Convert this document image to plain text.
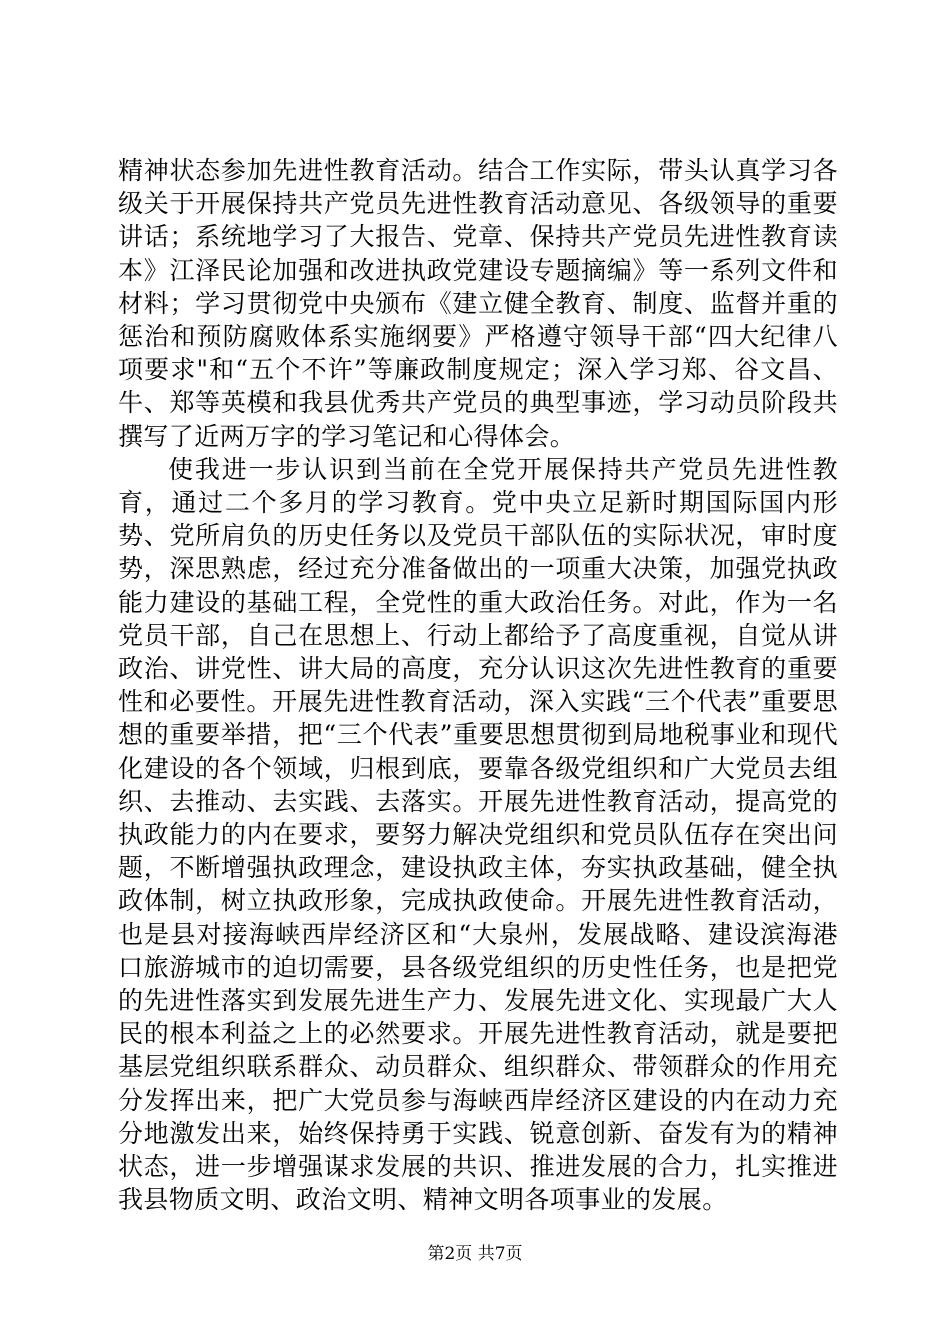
精神状态参加先进性教育活动。结合工作实际，带头认真学习各级关于开展保持共产党员先进性教育活动意见、各级领导的重要讲话；系统地学习了大报告、党章、保持共产党员先进性教育读本》江泽民论加强和改进执政党建设专题摘编》等一系列文件和材料；学习贯彻党中央颁布《建立健全教育、制度、监督并重的惩治和预防腐败体系实施纲要》严格遵守领导干部“四大纪律八项要求"和“五个不许”等廉政制度规定；深入学习郑、谷文昌、牛、郑等英模和我县优秀共产党员的典型事迹，学习动员阶段共撰写了近两万字的学习笔记和心得体会。

使我进一步认识到当前在全党开展保持共产党员先进性教育，通过二个多月的学习教育。党中央立足新时期国际国内形势、党所肩负的历史任务以及党员干部队伍的实际状况，审时度势，深思熟虑，经过充分准备做出的一项重大决策，加强党执政能力建设的基础工程，全党性的重大政治任务。对此，作为一名党员干部，自己在思想上、行动上都给予了高度重视，自觉从讲政治、讲党性、讲大局的高度，充分认识这次先进性教育的重要性和必要性。开展先进性教育活动，深入实践“三个代表”重要思想的重要举措，把“三个代表”重要思想贯彻到局地税事业和现代化建设的各个领域，归根到底，要靠各级党组织和广大党员去组织、去推动、去实践、去落实。开展先进性教育活动，提高党的执政能力的内在要求，要努力解决党组织和党员队伍存在突出问题，不断增强执政理念，建设执政主体，夯实执政基础，健全执政体制，树立执政形象，完成执政使命。开展先进性教育活动，也是县对接海峡西岸经济区和“大泉州，发展战略、建设滨海港口旅游城市的迫切需要，县各级党组织的历史性任务，也是把党的先进性落实到发展先进生产力、发展先进文化、实现最广大人民的根本利益之上的必然要求。开展先进性教育活动，就是要把基层党组织联系群众、动员群众、组织群众、带领群众的作用充分发挥出来，把广大党员参与海峡西岸经济区建设的内在动力充分地激发出来，始终保持勇于实践、锐意创新、奋发有为的精神状态，进一步增强谋求发展的共识、推进发展的合力，扎实推进我县物质文明、政治文明、精神文明各项事业的发展。

第2页 共7页
